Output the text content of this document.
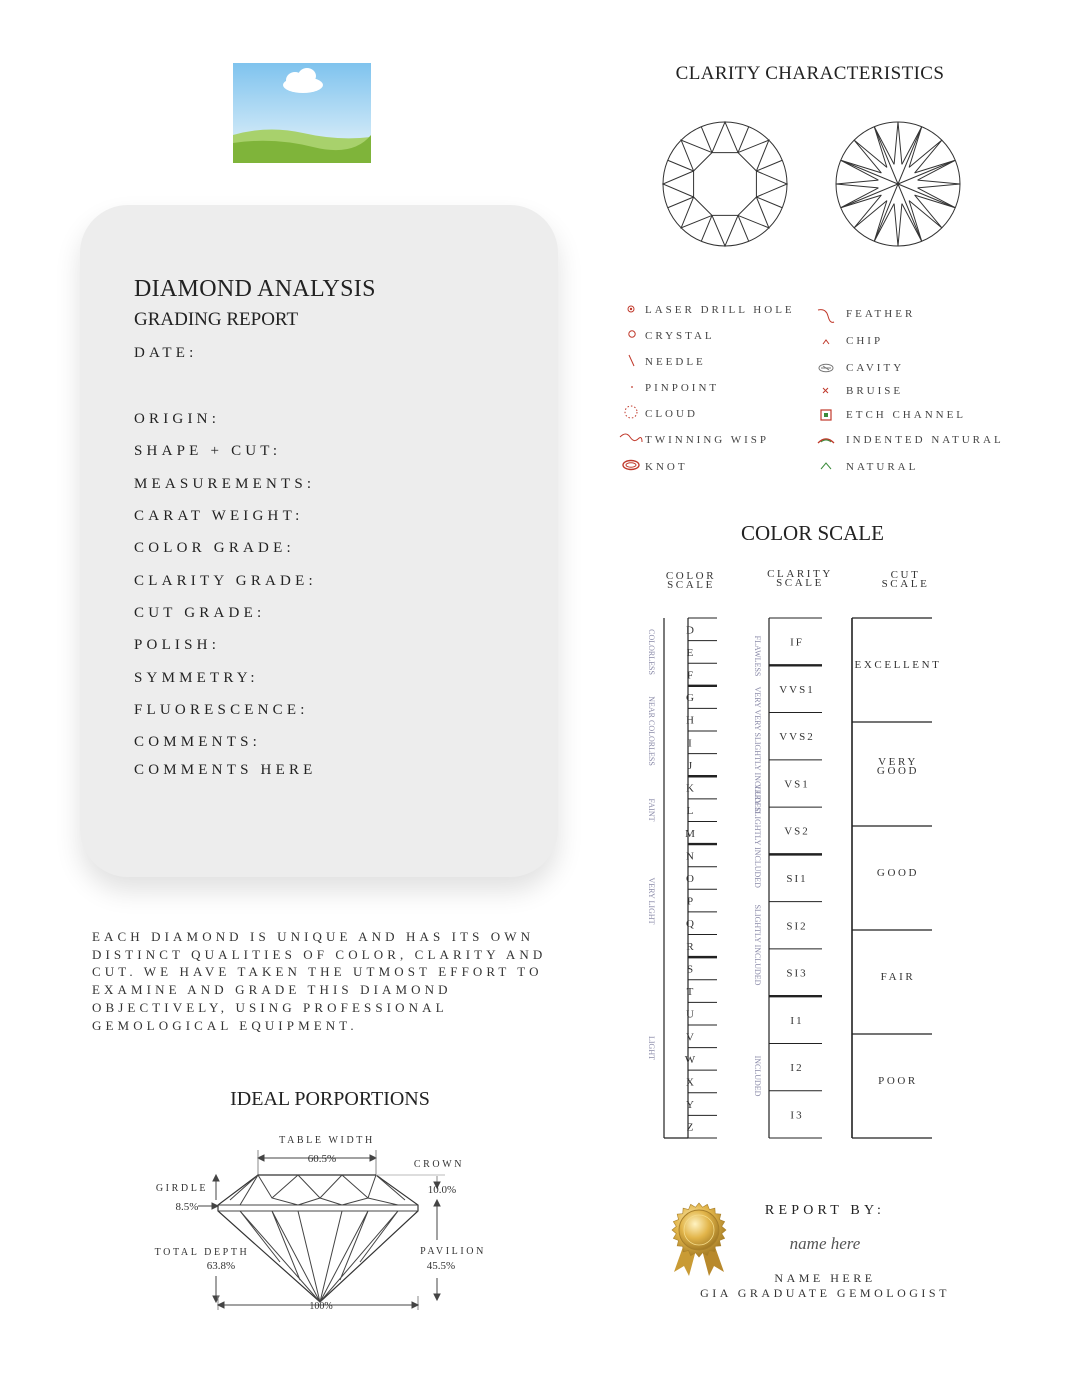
DIAMOND ANALYSIS
GRADING REPORT
DATE:
ORIGIN:
SHAPE + CUT:
MEASUREMENTS:
CARAT WEIGHT:
COLOR GRADE:
CLARITY GRADE:
CUT GRADE:
POLISH:
SYMMETRY:
FLUORESCENCE:
COMMENTS:
COMMENTS HERE
EACH DIAMOND IS UNIQUE AND HAS ITS OWN DISTINCT QUALITIES OF COLOR, CLARITY AND CUT. WE HAVE TAKEN THE UTMOST EFFORT TO EXAMINE AND GRADE THIS DIAMOND OBJECTIVELY, USING PROFESSIONAL GEMOLOGICAL EQUIPMENT.
IDEAL PORPORTIONS
TABLE WIDTH
60.5%	CROWN
10.0%
GIRDLE
8.5%
TOTAL DEPTH
63.8%
PAVILION
45.5%
100%
CLARITY CHARACTERISTICS
LASER DRILL HOLE
CRYSTAL
NEEDLE
PINPOINT
CLOUD
TWINNING WISP
KNOT
FEATHER
CHIP
CAVITY
BRUISE
ETCH CHANNEL
INDENTED NATURAL
NATURAL
COLOR SCALE
COLOR
SCALE
CLARITY
SCALE
CUT
SCALE
D
E
F
G
H
I
J
K
L
M
N
O
P
Q
R
S
T
U
V
W
X
Y
Z
COLORLESS
NEAR COLORLESS
FAINT
VERY LIGHT
LIGHT
IF
VVS1
VVS2
VS1
VS2
SI1
SI2
SI3
I1
I2
I3
FLAWLESS
VERY VERY SLIGHTLY INCLUDED
VERY SLIGHTLY INCLUDED
SLIGHTLY INCLUDED
INCLUDED
EXCELLENT
VERY
GOOD
GOOD
FAIR
POOR
REPORT BY:
name here
NAME HERE
GIA GRADUATE GEMOLOGIST
